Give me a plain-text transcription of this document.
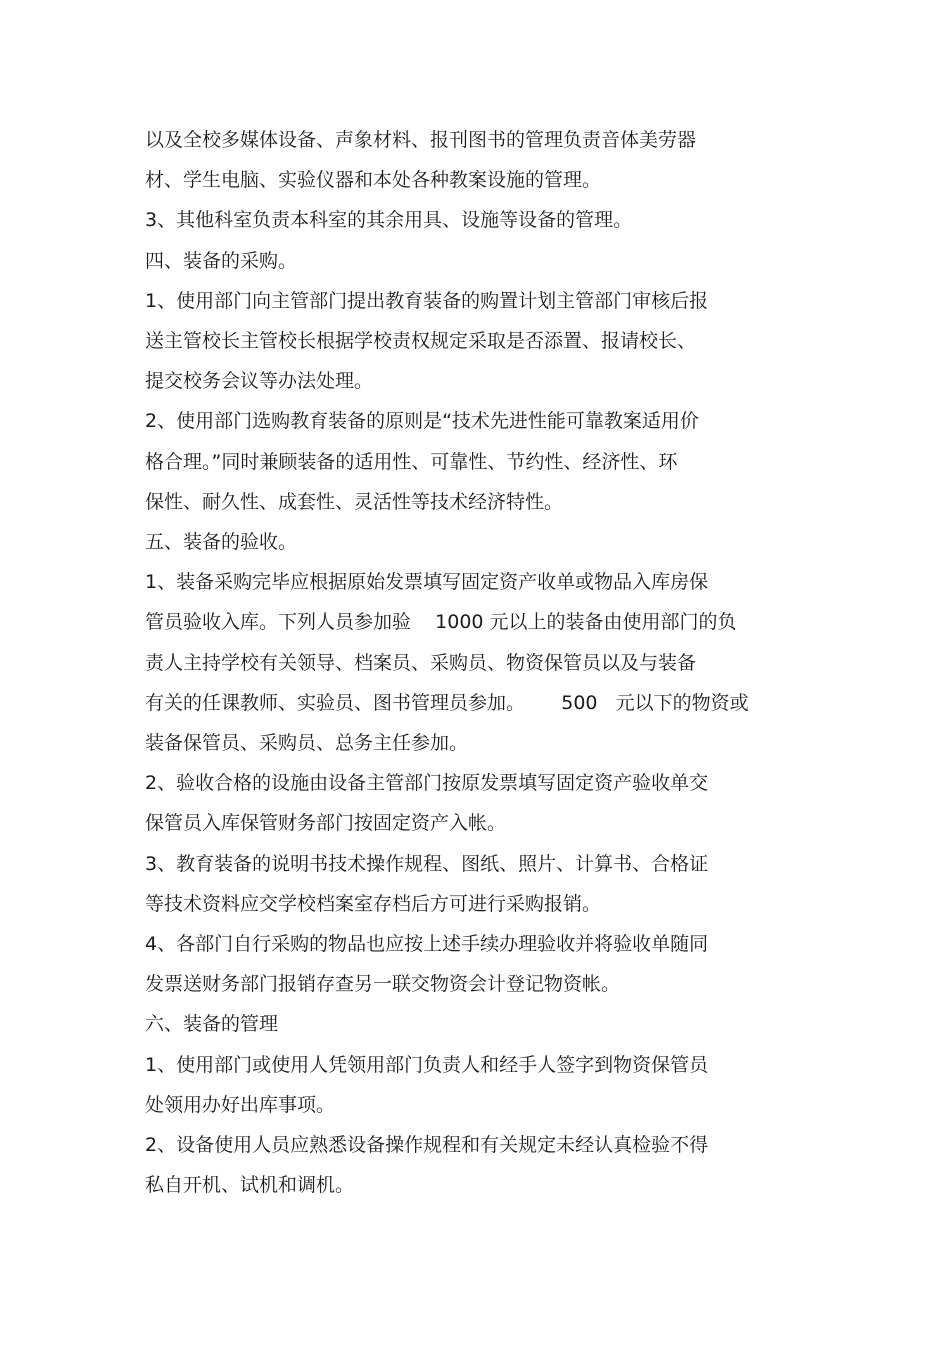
以及全校多媒体设备、声象材料、报刊图书的管理负责音体美劳器

材、学生电脑、实验仪器和本处各种教案设施的管理。

3、其他科室负责本科室的其余用具、设施等设备的管理。

四、装备的采购。

1、使用部门向主管部门提出教育装备的购置计划主管部门审核后报

送主管校长主管校长根据学校责权规定采取是否添置、报请校长、

提交校务会议等办法处理。

2、使用部门选购教育装备的原则是“技术先进性能可靠教案适用价

格合理。”同时兼顾装备的适用性、可靠性、节约性、经济性、环

保性、耐久性、成套性、灵活性等技术经济特性。

五、装备的验收。

1、装备采购完毕应根据原始发票填写固定资产收单或物品入库房保

管员验收入库。下列人员参加验    1000 元以上的装备由使用部门的负

责人主持学校有关领导、档案员、采购员、物资保管员以及与装备

有关的任课教师、实验员、图书管理员参加。      500   元以下的物资或

装备保管员、采购员、总务主任参加。

2、验收合格的设施由设备主管部门按原发票填写固定资产验收单交

保管员入库保管财务部门按固定资产入帐。

3、教育装备的说明书技术操作规程、图纸、照片、计算书、合格证

等技术资料应交学校档案室存档后方可进行采购报销。

4、各部门自行采购的物品也应按上述手续办理验收并将验收单随同

发票送财务部门报销存查另一联交物资会计登记物资帐。

六、装备的管理

1、使用部门或使用人凭领用部门负责人和经手人签字到物资保管员

处领用办好出库事项。

2、设备使用人员应熟悉设备操作规程和有关规定未经认真检验不得

私自开机、试机和调机。
